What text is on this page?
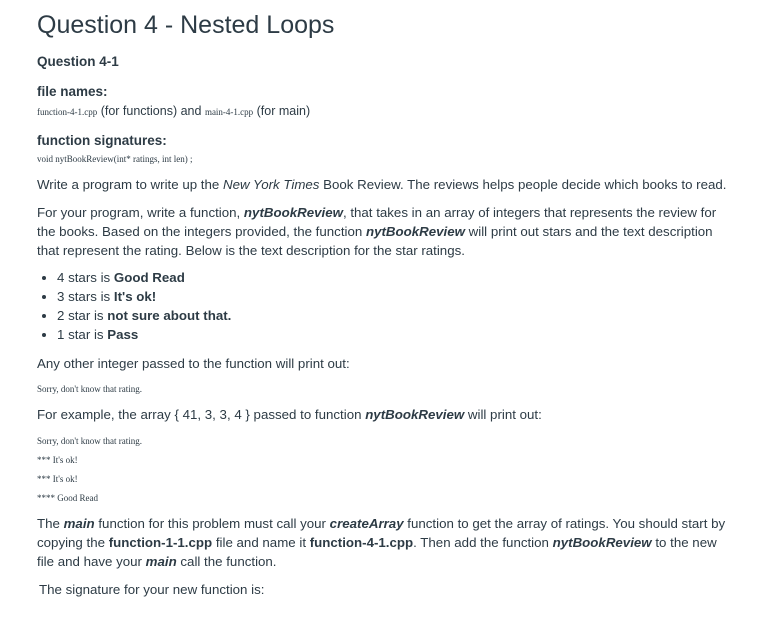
Question 4 - Nested Loops
Question 4-1
file names:

function-4-1.cpp (for functions) and main-4-1.cpp (for main)

function signatures:

void nytBookReview(int* ratings, int len) ;

Write a program to write up the New York Times Book Review. The reviews helps people decide which books to read.

For your program, write a function, nytBookReview, that takes in an array of integers that represents the review for the books. Based on the integers provided, the function nytBookReview will print out stars and the text description that represent the rating. Below is the text description for the star ratings.

• 4 stars is Good Read
• 3 stars is It's ok!
• 2 star is not sure about that.
• 1 star is Pass

Any other integer passed to the function will print out:

Sorry, don't know that rating.

For example, the array { 41, 3, 3, 4 } passed to function nytBookReview will print out:

Sorry, don't know that rating.

*** It's ok!

*** It's ok!

**** Good Read

The main function for this problem must call your createArray function to get the array of ratings. You should start by copying the function-1-1.cpp file and name it function-4-1.cpp. Then add the function nytBookReview to the new file and have your main call the function.

The signature for your new function is:
